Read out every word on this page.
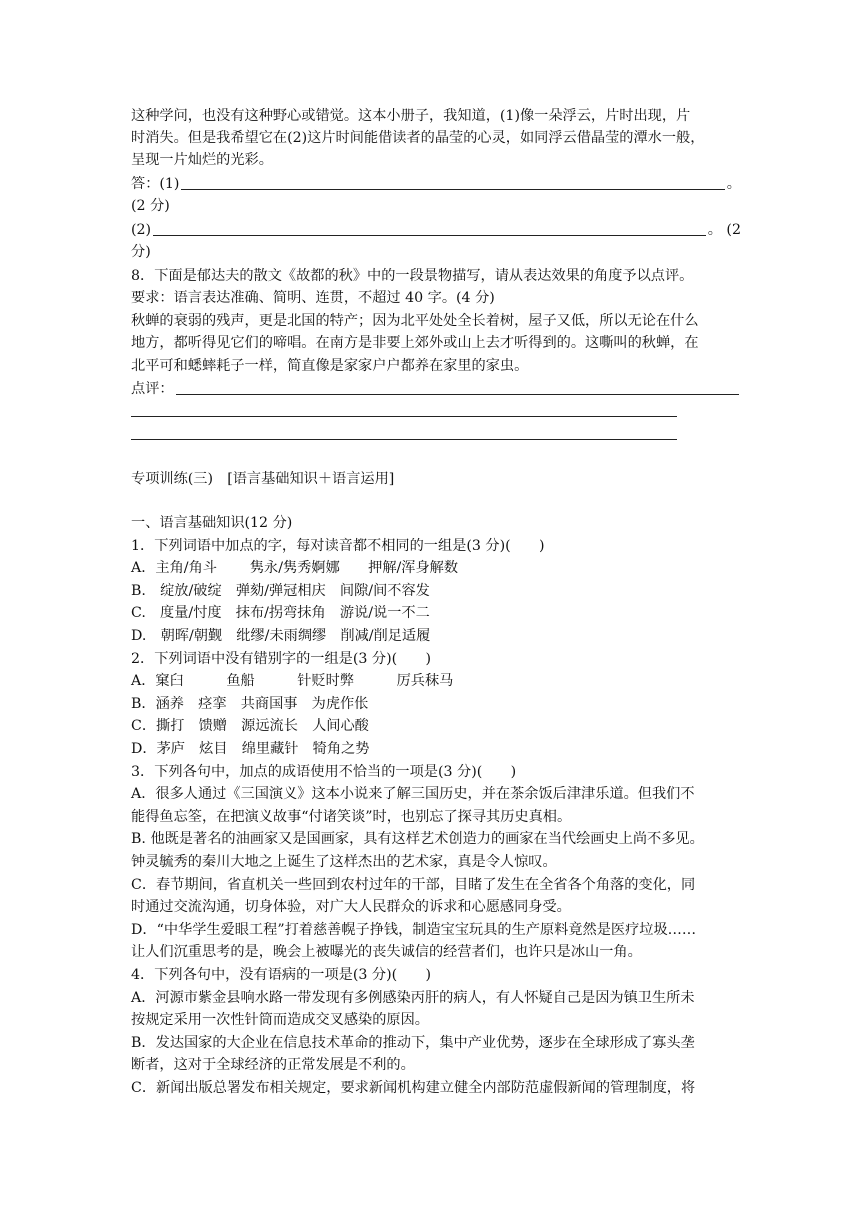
这种学问，也没有这种野心或错觉。这本小册子，我知道，(1)像一朵浮云，片时出现，片
时消失。但是我希望它在(2)这片时间能借读者的晶莹的心灵，如同浮云借晶莹的潭水一般，
呈现一片灿烂的光彩。
答：(1)	。
(2 分)
(2)	。 (2
分)
8．下面是郁达夫的散文《故都的秋》中的一段景物描写，请从表达效果的角度予以点评。
要求：语言表达准确、简明、连贯，不超过 40 字。(4 分)
秋蝉的衰弱的残声，更是北国的特产；因为北平处处全长着树，屋子又低，所以无论在什么
地方，都听得见它们的啼唱。在南方是非要上郊外或山上去才听得到的。这嘶叫的秋蝉，在
北平可和蟋蟀耗子一样，简直像是家家户户都养在家里的家虫。
点评：
专项训练(三)　[语言基础知识＋语言运用]
一、语言基础知识(12 分)
1．下列词语中加点的字，每对读音都不相同的一组是(3 分)(　　)
A．主角/角斗　　 隽永/隽秀婀娜　　押解/浑身解数
B.　绽放/破绽　弹劾/弹冠相庆　间隙/间不容发
C.　度量/忖度　抹布/拐弯抹角　游说/说一不二
D.　朝晖/朝觐　纰缪/未雨绸缪　削减/削足适履
2．下列词语中没有错别字的一组是(3 分)(　　)
A．窠臼　　　鱼船　　　针贬时弊　　　厉兵秣马
B．涵养　痉挛　共商国事　为虎作伥
C．撕打　馈赠　源远流长　人间心酸
D．茅庐　炫目　绵里藏针　犄角之势
3．下列各句中，加点的成语使用不恰当的一项是(3 分)(　　)
A．很多人通过《三国演义》这本小说来了解三国历史，并在茶余饭后津津乐道。但我们不
能得鱼忘筌，在把演义故事“付诸笑谈”时，也别忘了探寻其历史真相。
B. 他既是著名的油画家又是国画家，具有这样艺术创造力的画家在当代绘画史上尚不多见。
钟灵毓秀的秦川大地之上诞生了这样杰出的艺术家，真是令人惊叹。
C．春节期间，省直机关一些回到农村过年的干部，目睹了发生在全省各个角落的变化，同
时通过交流沟通，切身体验，对广大人民群众的诉求和心愿感同身受。
D．“中华学生爱眼工程”打着慈善幌子挣钱，制造宝宝玩具的生产原料竟然是医疗垃圾……
让人们沉重思考的是，晚会上被曝光的丧失诚信的经营者们，也许只是冰山一角。
4．下列各句中，没有语病的一项是(3 分)(　　)
A．河源市紫金县响水路一带发现有多例感染丙肝的病人，有人怀疑自己是因为镇卫生所未
按规定采用一次性针筒而造成交叉感染的原因。
B．发达国家的大企业在信息技术革命的推动下，集中产业优势，逐步在全球形成了寡头垄
断者，这对于全球经济的正常发展是不利的。
C．新闻出版总署发布相关规定，要求新闻机构建立健全内部防范虚假新闻的管理制度，将
